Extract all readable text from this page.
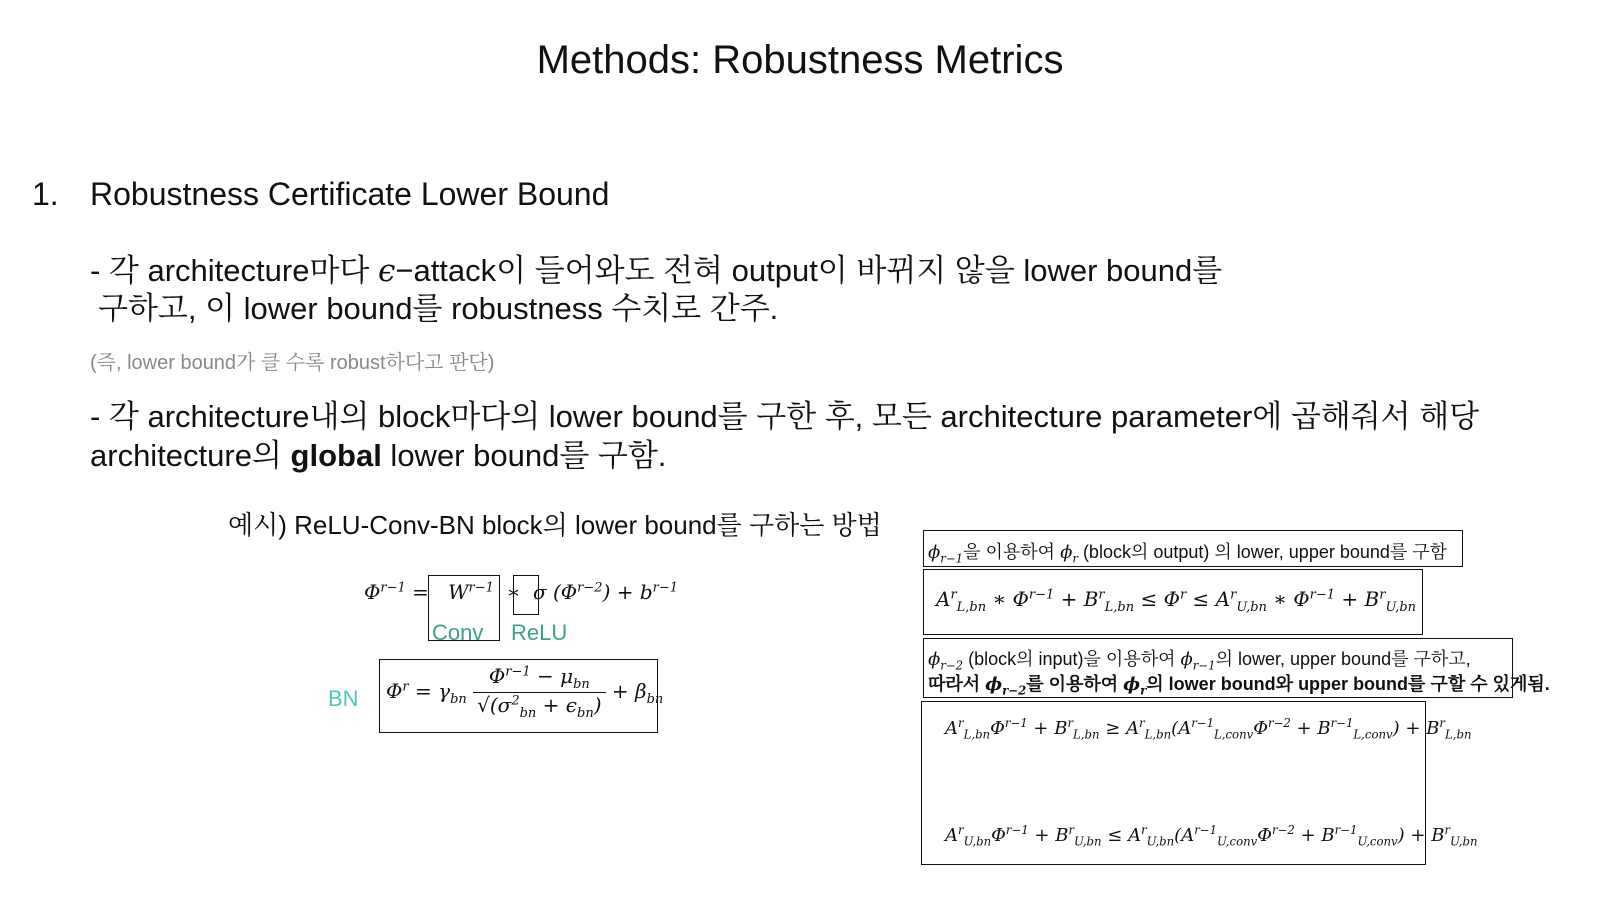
Methods: Robustness Metrics
1. Robustness Certificate Lower Bound
- 각 architecture마다 ϵ−attack이 들어와도 전혀 output이 바뀌지 않을 lower bound를
구하고, 이 lower bound를 robustness 수치로 간주.
(즉, lower bound가 클 수록 robust하다고 판단)
- 각 architecture내의 block마다의 lower bound를 구한 후, 모든 architecture parameter에 곱해줘서 해당
architecture의 global lower bound를 구함.
예시) ReLU-Conv-BN block의 lower bound를 구하는 방법
$\Phi^{r-1} = W^{r-1}$  ∗  σ $(\Phi^{r-2}) + b^{r-1}$
Conv ReLU
BN $\Phi^r = \gamma_{bn} \frac{\Phi^{r-1} - \mu_{bn}}{√(\sigma^2_{bn} + \epsilon_{bn})} + \beta_{bn}$
$\phi_{r-1}$을 이용하여 $\phi_r$ (block의 output) 의 lower, upper bound를 구함
$A^r_{L,bn}$ ∗ $\Phi^{r-1} + B^r_{L,bn} \le \Phi^r \le A^r_{U,bn}$ ∗ $\Phi^{r-1} + B^r_{U,bn}$
$\phi_{r-2}$ (block의 input)을 이용하여 $\phi_{r-1}$의 lower, upper bound를 구하고,
따라서 $\phi_{r-2}$를 이용하여 $\phi_r$의 lower bound와 upper bound를 구할 수 있게됨.
$A^r_{L,bn}\Phi^{r-1} + B^r_{L,bn} \ge A^r_{L,bn}(A^{r-1}_{L,conv}\Phi^{r-2} + B^{r-1}_{L,conv}) + B^r_{L,bn}$
$A^r_{U,bn}\Phi^{r-1} + B^r_{U,bn} \le A^r_{U,bn}(A^{r-1}_{U,conv}\Phi^{r-2} + B^{r-1}_{U,conv}) + B^r_{U,bn}$
